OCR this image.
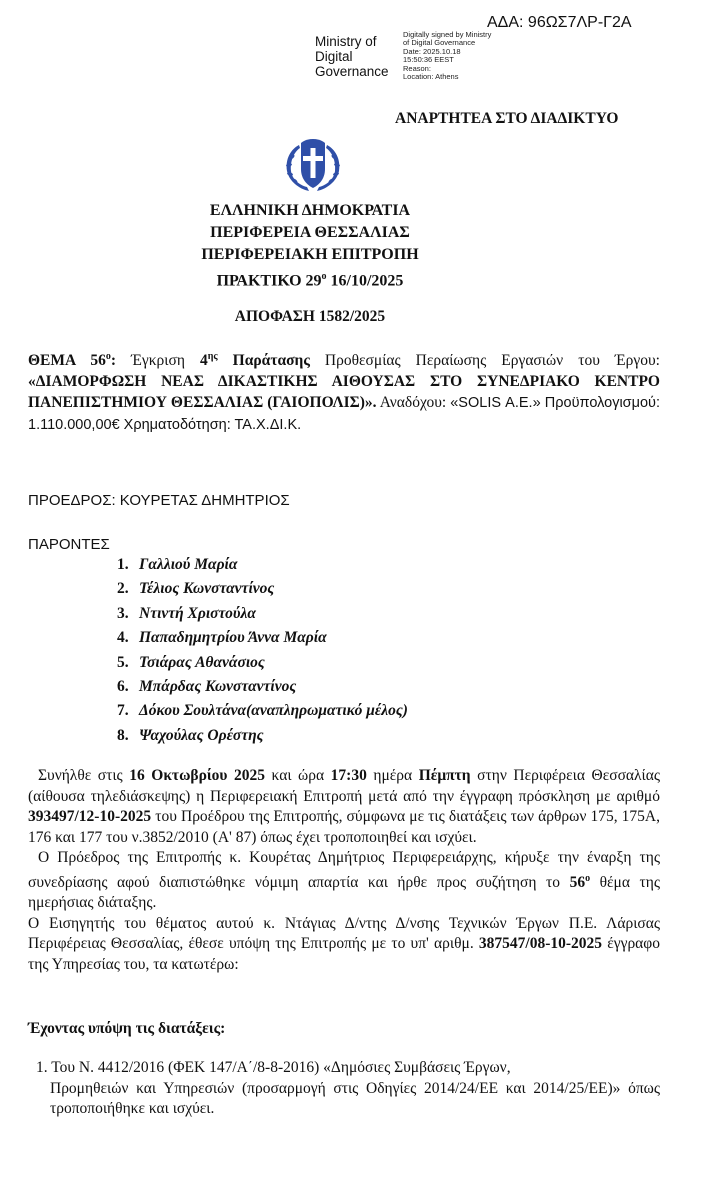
ΑΔΑ: 96ΩΣ7ΛΡ-Γ2Α
Ministry of
Digital
Governance
Digitally signed by Ministry
of Digital Governance
Date: 2025.10.18
15:50:36 EEST
Reason:
Location: Athens
ΑΝΑΡΤΗΤΕΑ ΣΤΟ ΔΙΑΔΙΚΤΥΟ
ΕΛΛΗΝΙΚΗ ΔΗΜΟΚΡΑΤΙΑ
ΠΕΡΙΦΕΡΕΙΑ ΘΕΣΣΑΛΙΑΣ
ΠΕΡΙΦΕΡΕΙΑΚΗ ΕΠΙΤΡΟΠΗ
ΠΡΑΚΤΙΚΟ $29^o$ 16/10/2025
ΑΠΟΦΑΣΗ 1582/2025
ΘΕΜΑ $56^o$: Έγκριση $4^{\eta\varsigma}$ Παράτασης Προθεσμίας Περαίωσης Εργασιών του Έργου: «ΔΙΑΜΟΡΦΩΣΗ ΝΕΑΣ ΔΙΚΑΣΤΙΚΗΣ ΑΙΘΟΥΣΑΣ ΣΤΟ ΣΥΝΕΔΡΙΑΚΟ ΚΕΝΤΡΟ ΠΑΝΕΠΙΣΤΗΜΙΟΥ ΘΕΣΣΑΛΙΑΣ (ΓΑΙΟΠΟΛΙΣ)». Αναδόχου: «SOLIS Α.Ε.» Προϋπολογισμού: 1.110.000,00€ Χρηματοδότηση: ΤΑ.Χ.ΔΙ.Κ.
ΠΡΟΕΔΡΟΣ: ΚΟΥΡΕΤΑΣ ΔΗΜΗΤΡΙΟΣ
ΠΑΡΟΝΤΕΣ
1. Γαλλιού Μαρία
2. Τέλιος Κωνσταντίνος
3. Ντιντή Χριστούλα
4. Παπαδημητρίου Άννα Μαρία
5. Τσιάρας Αθανάσιος
6. Μπάρδας Κωνσταντίνος
7. Δόκου Σουλτάνα(αναπληρωματικό μέλος)
8. Ψαχούλας Ορέστης

Συνήλθε στις 16 Οκτωβρίου 2025 και ώρα 17:30 ημέρα Πέμπτη στην Περιφέρεια Θεσσαλίας (αίθουσα τηλεδιάσκεψης) η Περιφερειακή Επιτροπή μετά από την έγγραφη πρόσκληση με αριθμό 393497/12-10-2025 του Προέδρου της Επιτροπής, σύμφωνα με τις διατάξεις των άρθρων 175, 175Α, 176 και 177 του ν.3852/2010 (Α' 87) όπως έχει τροποποιηθεί και ισχύει.

Ο Πρόεδρος της Επιτροπής κ. Κουρέτας Δημήτριος Περιφερειάρχης, κήρυξε την έναρξη της συνεδρίασης αφού διαπιστώθηκε νόμιμη απαρτία και ήρθε προς συζήτηση το $56^o$ θέμα της ημερήσιας διάταξης.

Ο Εισηγητής του θέματος αυτού κ. Ντάγιας Δ/ντης Δ/νσης Τεχνικών Έργων Π.Ε. Λάρισας Περιφέρειας Θεσσαλίας, έθεσε υπόψη της Επιτροπής με το υπ' αριθμ. 387547/08-10-2025 έγγραφο της Υπηρεσίας του, τα κατωτέρω:

Έχοντας υπόψη τις διατάξεις:
1. Του Ν. 4412/2016 (ΦΕΚ 147/Α΄/8-8-2016) «Δημόσιες Συμβάσεις Έργων,
Προμηθειών και Υπηρεσιών (προσαρμογή στις Οδηγίες 2014/24/ΕΕ και 2014/25/ΕΕ)» όπως τροποποιήθηκε και ισχύει.
